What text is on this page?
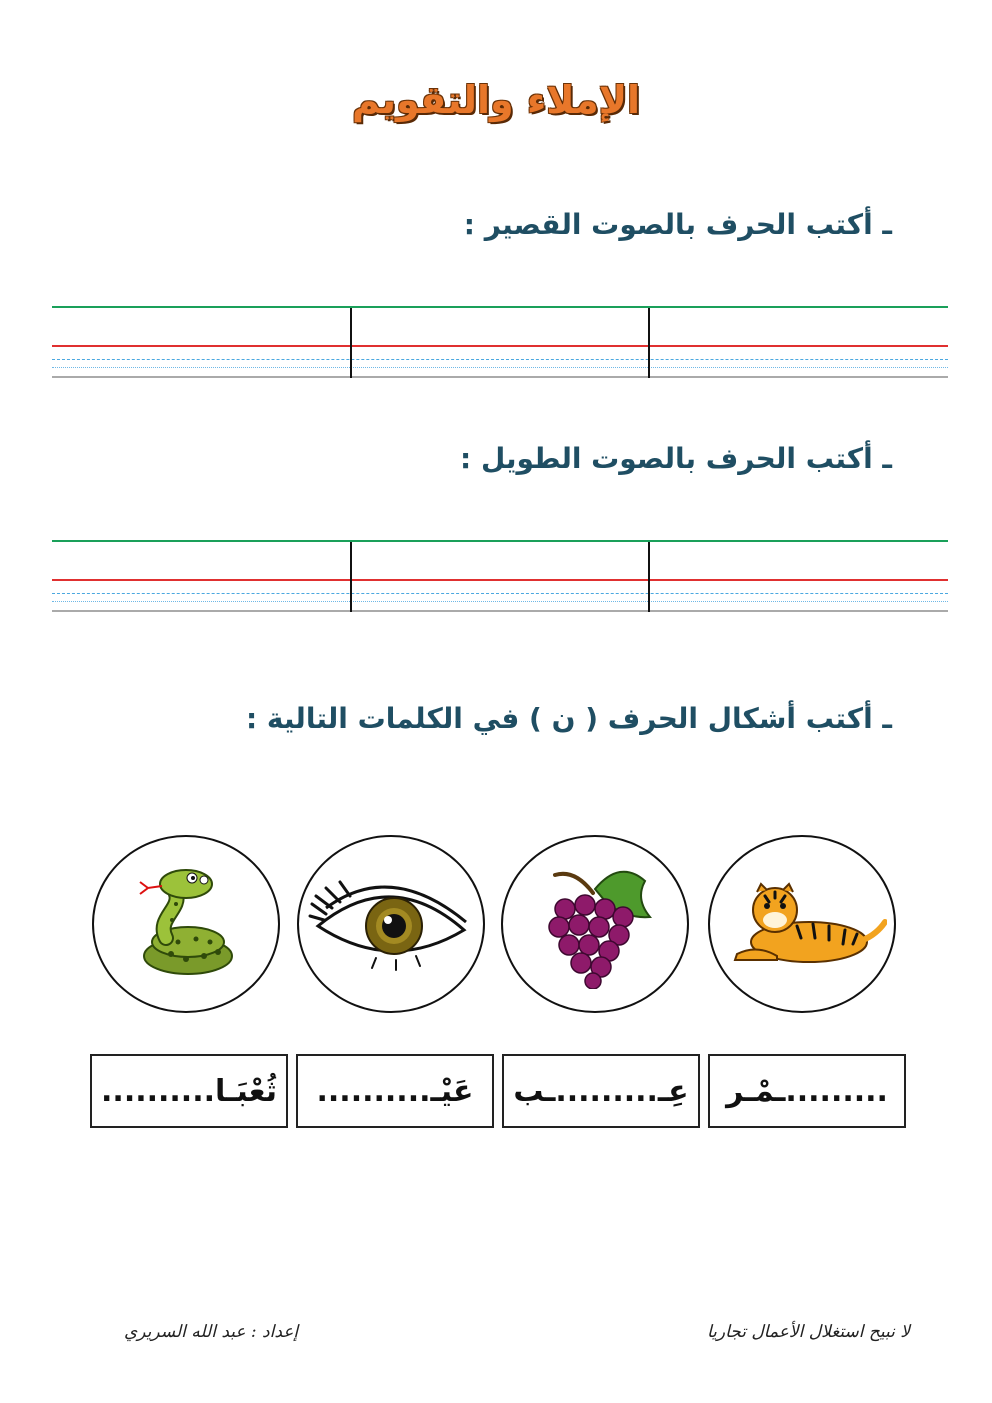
الإملاء والتقويم
ـ أكتب الحرف بالصوت القصير :
ـ أكتب الحرف بالصوت الطويل :
ـ أكتب أشكال الحرف ( ن ) في الكلمات التالية :
ثُعْبَـا.......... عَيْـ.......... عِـ.........ـب .........ـمْـر
إعداد : عبد الله السريري	لا نبيح استغلال الأعمال تجاريا
